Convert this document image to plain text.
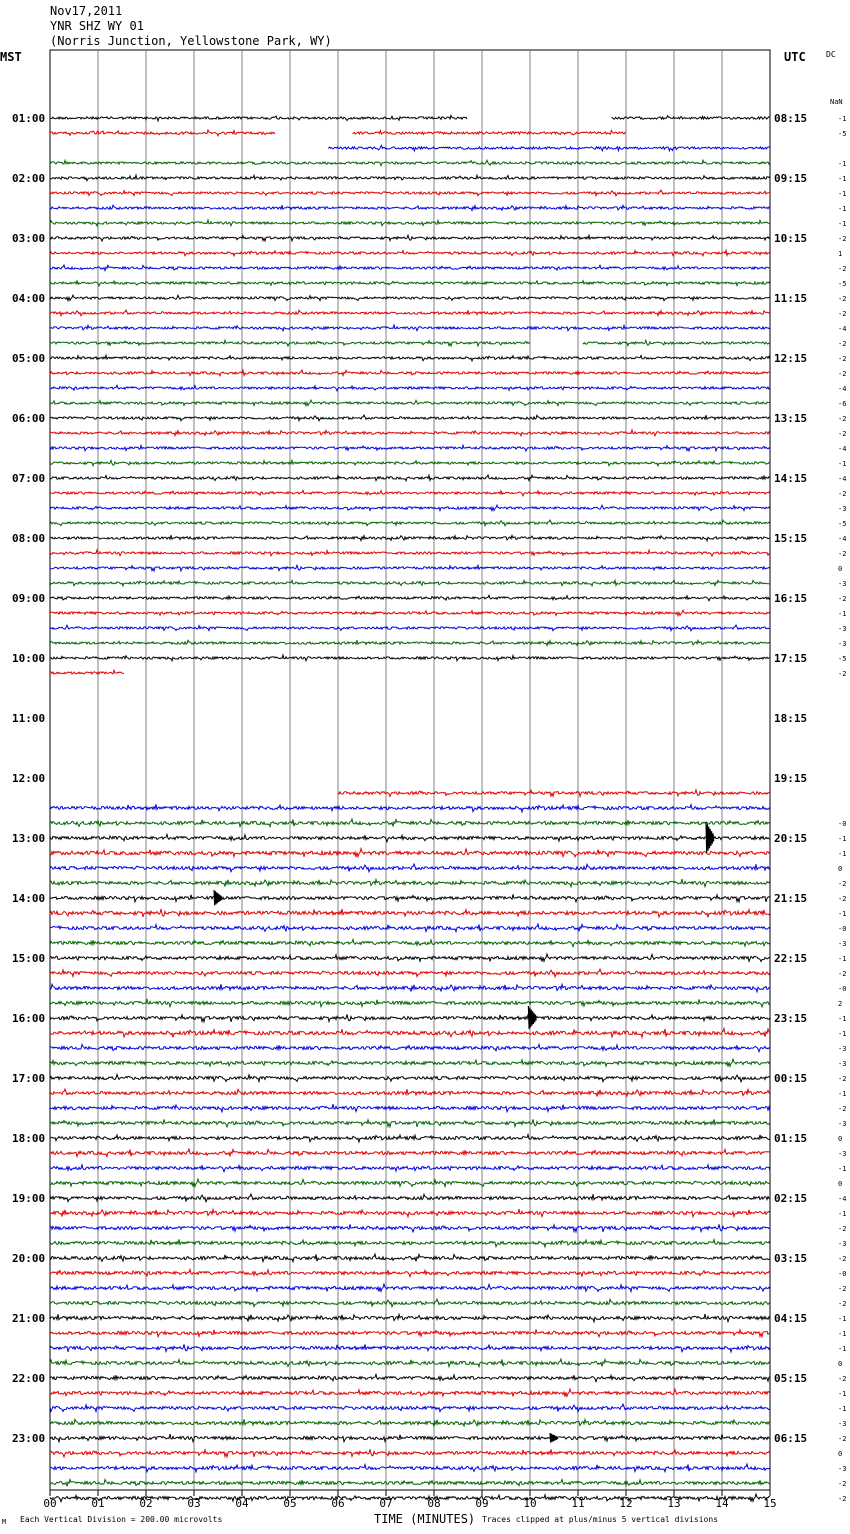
Nov17,2011
YNR SHZ WY 01
(Norris Junction, Yellowstone Park, WY)
MST	UTC	DC
NaN
01:00
02:00
03:00
04:00
05:00
06:00
07:00
08:00
09:00
10:00
11:00
12:00
13:00
14:00
15:00
16:00
17:00
18:00
19:00
20:00
21:00
22:00
23:00
08:15
09:15
10:15
11:15
12:15
13:15
14:15
15:15
16:15
17:15
18:15
19:15
20:15
21:15
22:15
23:15
00:15
01:15
02:15
03:15
04:15
05:15
06:15
00	01	02	03	04	05	06	07	08	09	10	11	12	13	14	15
-1
-5
-1
-1
-1
-1
-1
-2
1
-2
-5
-2
-2
-4
-2
-2
-2
-4
-6
-2
-2
-4
-1
-4
-2
-3
-5
-4
-2
0
-3
-2
-1
-3
-3
-5
-2
-0
-1
-1
0
-2
-2
-1
-0
-3
-1
-2
-0
2
-1
-1
-3
-3
-2
-1
-2
-3
0
-3
-1
0
-4
-1
-2
-3
-2
-0
-2
-2
-1
-1
-1
0
-2
-1
-1
-3
-2
0
-3
-2
-2
M Each Vertical Division = 200.00 microvolts	TIME (MINUTES) Traces clipped at plus/minus 5 vertical divisions
